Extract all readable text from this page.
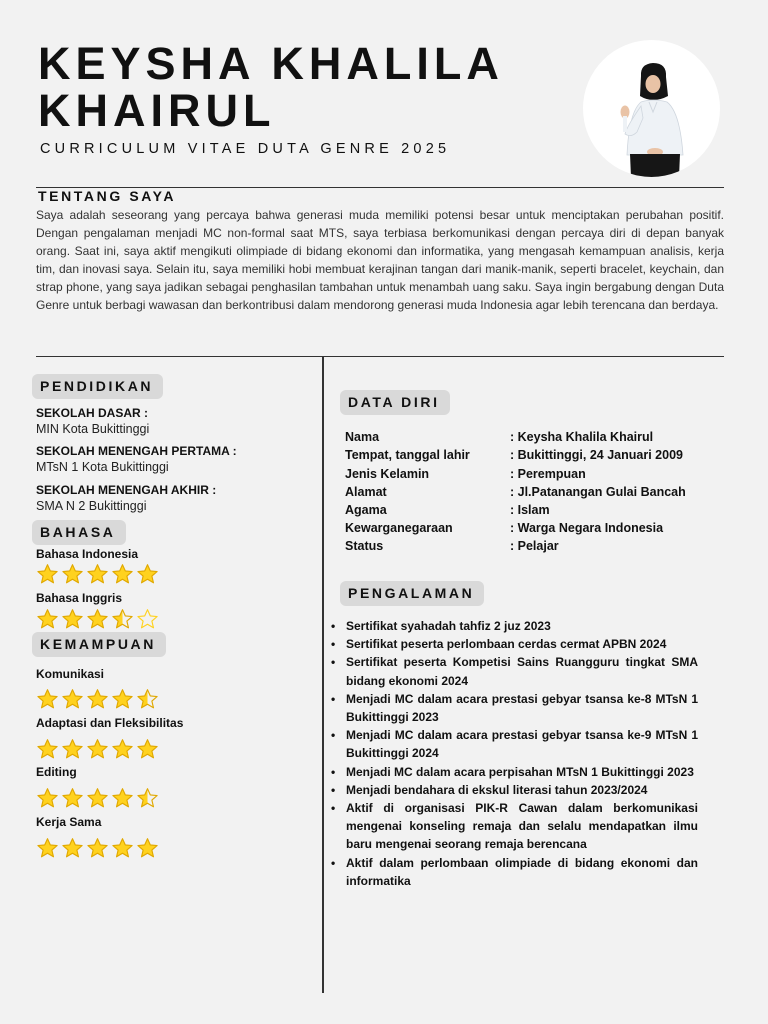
KEYSHA KHALILA KHAIRUL
CURRICULUM VITAE DUTA GENRE 2025
TENTANG SAYA
Saya adalah seseorang yang percaya bahwa generasi muda memiliki potensi besar untuk menciptakan perubahan positif. Dengan pengalaman menjadi MC non-formal saat MTS, saya terbiasa berkomunikasi dengan percaya diri di depan banyak orang. Saat ini, saya aktif mengikuti olimpiade di bidang ekonomi dan informatika, yang mengasah kemampuan analisis, kerja tim, dan inovasi saya. Selain itu, saya memiliki hobi membuat kerajinan tangan dari manik-manik, seperti bracelet, keychain, dan strap phone, yang saya jadikan sebagai penghasilan tambahan untuk menambah uang saku. Saya ingin bergabung dengan Duta Genre untuk berbagi wawasan dan berkontribusi dalam mendorong generasi muda Indonesia agar lebih terencana dan berdaya.
PENDIDIKAN
SEKOLAH DASAR :
MIN Kota Bukittinggi
SEKOLAH MENENGAH PERTAMA :
MTsN 1 Kota Bukittinggi
SEKOLAH MENENGAH AKHIR :
SMA N 2 Bukittinggi
BAHASA
Bahasa Indonesia
Bahasa Inggris
KEMAMPUAN
Komunikasi
Adaptasi dan Fleksibilitas
Editing
Kerja Sama
DATA DIRI
Nama	: Keysha Khalila Khairul
Tempat, tanggal lahir	: Bukittinggi, 24 Januari 2009
Jenis Kelamin	: Perempuan
Alamat	: Jl.Patanangan Gulai Bancah
Agama	: Islam
Kewarganegaraan	: Warga Negara Indonesia
Status	: Pelajar
PENGALAMAN
• Sertifikat syahadah tahfiz 2 juz 2023
• Sertifikat peserta perlombaan cerdas cermat APBN 2024
• Sertifikat peserta Kompetisi Sains Ruangguru tingkat SMA bidang ekonomi 2024
• Menjadi MC dalam acara prestasi gebyar tsansa ke-8 MTsN 1 Bukittinggi 2023
• Menjadi MC dalam acara prestasi gebyar tsansa ke-9 MTsN 1 Bukittinggi 2024
• Menjadi MC dalam acara perpisahan MTsN 1 Bukittinggi 2023
• Menjadi bendahara di ekskul literasi tahun 2023/2024
• Aktif di organisasi PIK-R Cawan dalam berkomunikasi mengenai konseling remaja dan selalu mendapatkan ilmu baru mengenai seorang remaja berencana
• Aktif dalam perlombaan olimpiade di bidang ekonomi dan informatika
